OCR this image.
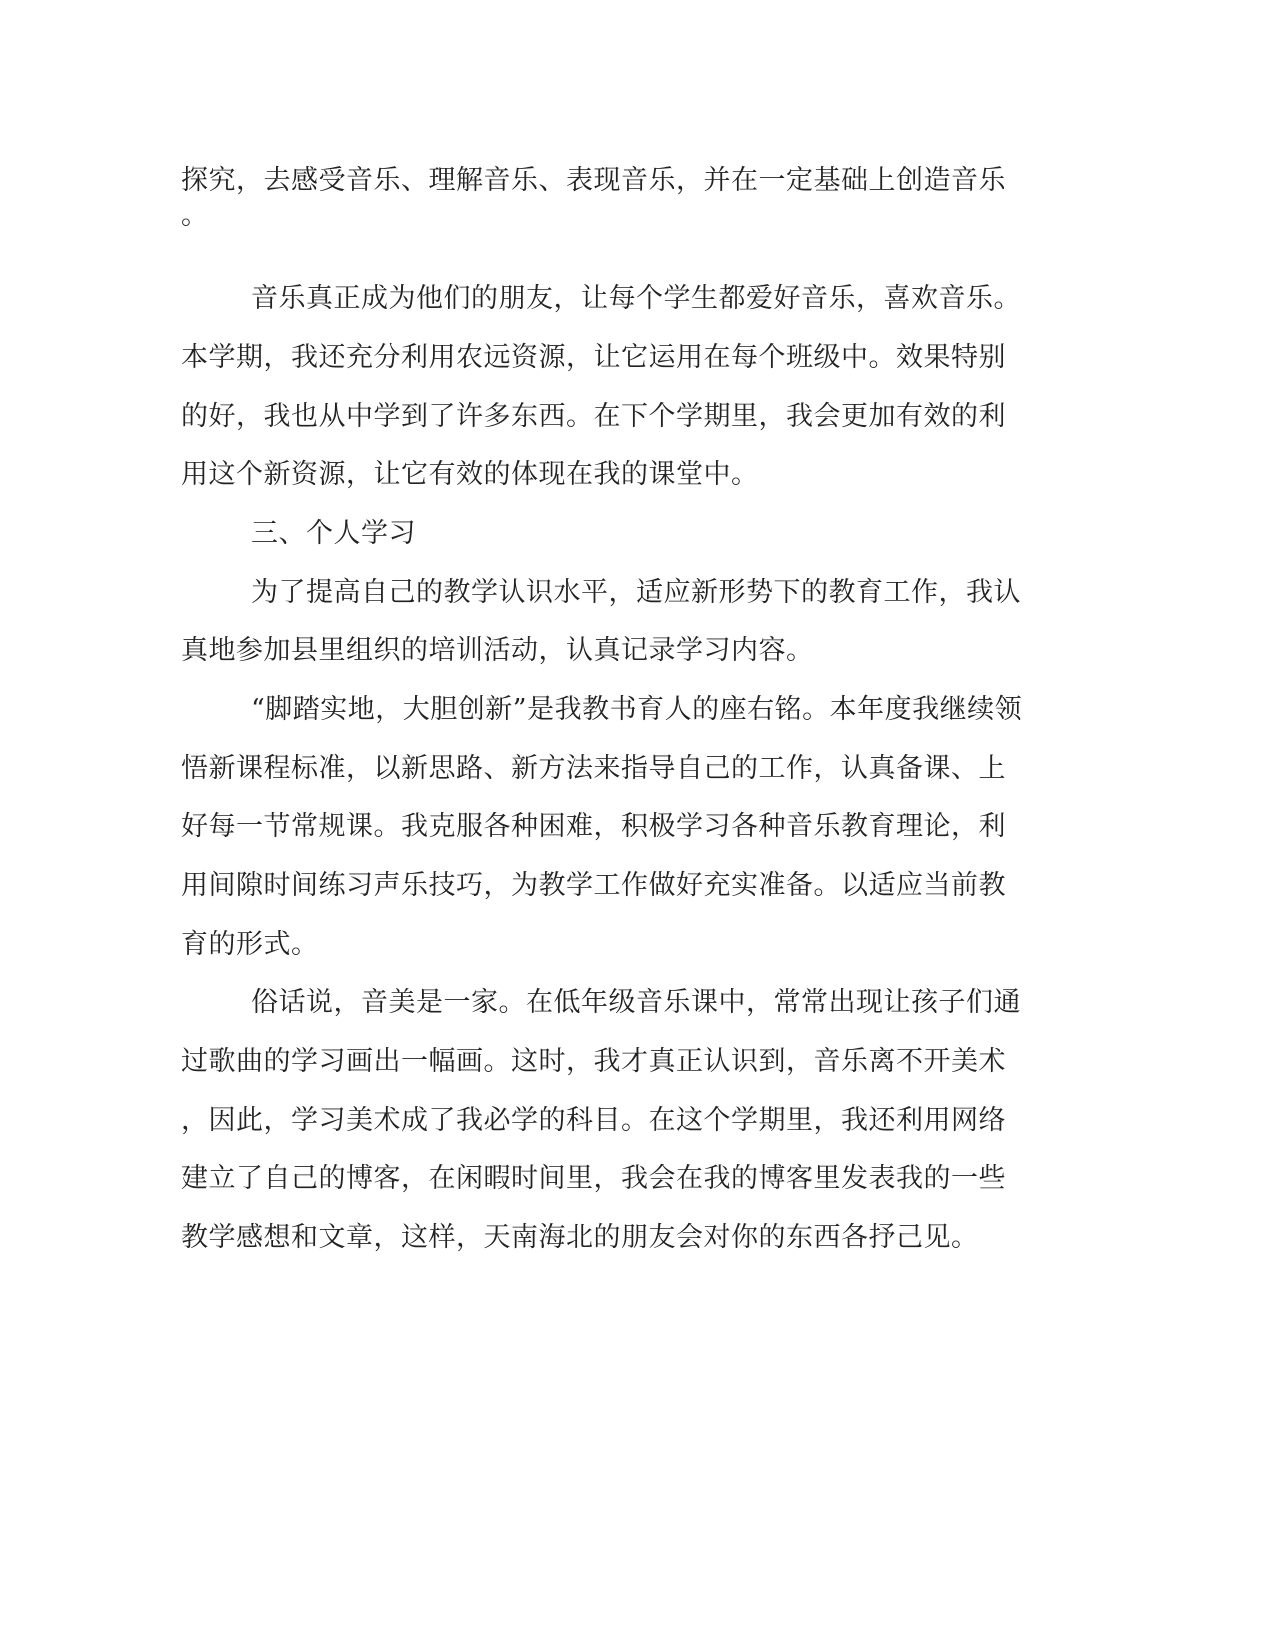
探究，去感受音乐、理解音乐、表现音乐，并在一定基础上创造音乐
。
音乐真正成为他们的朋友，让每个学生都爱好音乐，喜欢音乐。
本学期，我还充分利用农远资源，让它运用在每个班级中。效果特别
的好，我也从中学到了许多东西。在下个学期里，我会更加有效的利
用这个新资源，让它有效的体现在我的课堂中。
三、个人学习
为了提高自己的教学认识水平，适应新形势下的教育工作，我认
真地参加县里组织的培训活动，认真记录学习内容。
“脚踏实地，大胆创新”是我教书育人的座右铭。本年度我继续领
悟新课程标准，以新思路、新方法来指导自己的工作，认真备课、上
好每一节常规课。我克服各种困难，积极学习各种音乐教育理论，利
用间隙时间练习声乐技巧，为教学工作做好充实准备。以适应当前教
育的形式。
俗话说，音美是一家。在低年级音乐课中，常常出现让孩子们通
过歌曲的学习画出一幅画。这时，我才真正认识到，音乐离不开美术
，因此，学习美术成了我必学的科目。在这个学期里，我还利用网络
建立了自己的博客，在闲暇时间里，我会在我的博客里发表我的一些
教学感想和文章，这样，天南海北的朋友会对你的东西各抒己见。
